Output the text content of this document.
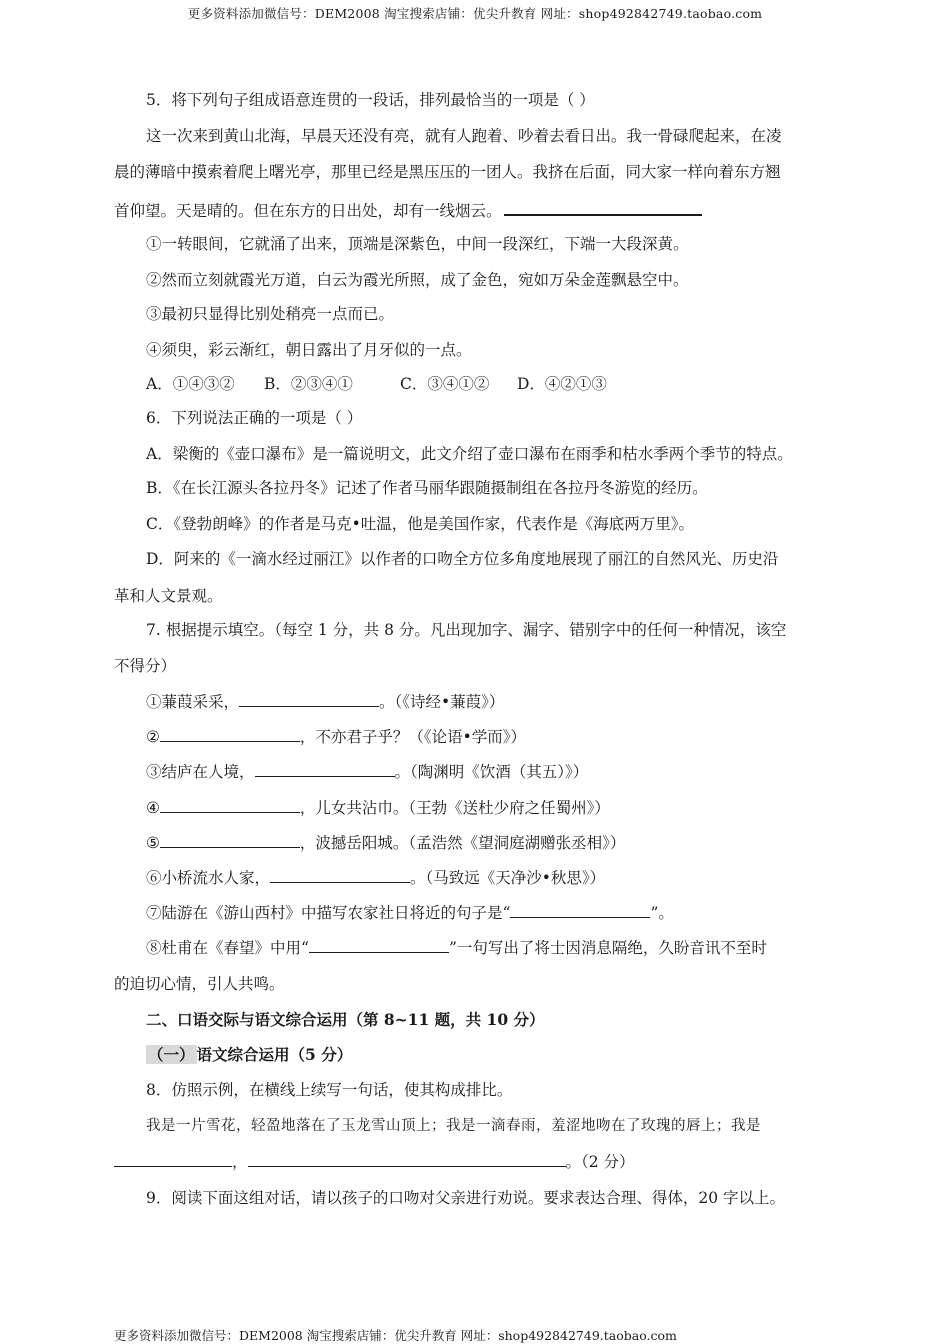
更多资料添加微信号：DEM2008 淘宝搜索店铺：优尖升教育 网址：shop492842749.taobao.com
5．将下列句子组成语意连贯的一段话，排列最恰当的一项是（ ）
这一次来到黄山北海，早晨天还没有亮，就有人跑着、吵着去看日出。我一骨碌爬起来，在凌
晨的薄暗中摸索着爬上曙光亭，那里已经是黑压压的一团人。我挤在后面，同大家一样向着东方翘
首仰望。天是晴的。但在东方的日出处，却有一线烟云。
①一转眼间，它就涌了出来，顶端是深紫色，中间一段深红，下端一大段深黄。
②然而立刻就霞光万道，白云为霞光所照，成了金色，宛如万朵金莲飘悬空中。
③最初只显得比别处稍亮一点而已。
④须臾，彩云渐红，朝日露出了月牙似的一点。
A．①④③② B．②③④①	C．③④①② D．④②①③
6．下列说法正确的一项是（ ）
A．梁衡的《壶口瀑布》是一篇说明文，此文介绍了壶口瀑布在雨季和枯水季两个季节的特点。
B．《在长江源头各拉丹冬》记述了作者马丽华跟随摄制组在各拉丹冬游览的经历。
C．《登勃朗峰》的作者是马克•吐温，他是美国作家，代表作是《海底两万里》。
D．阿来的《一滴水经过丽江》以作者的口吻全方位多角度地展现了丽江的自然风光、历史沿
革和人文景观。
7. 根据提示填空。（每空 1 分，共 8 分。凡出现加字、漏字、错别字中的任何一种情况，该空
不得分）
①蒹葭采采，	。（《诗经•蒹葭》）
②	，不亦君子乎？（《论语•学而》）
③结庐在人境，	。（陶渊明《饮酒（其五）》）
④	，儿女共沾巾。（王勃《送杜少府之任蜀州》）
⑤	，波撼岳阳城。（孟浩然《望洞庭湖赠张丞相》）
⑥小桥流水人家，	。（马致远《天净沙•秋思》）
⑦陆游在《游山西村》中描写农家社日将近的句子是“	”。
⑧杜甫在《春望》中用“	”一句写出了将士因消息隔绝，久盼音讯不至时
的迫切心情，引人共鸣。
二、口语交际与语文综合运用（第 8~11 题，共 10 分）
（一） 语文综合运用（5 分）
8．仿照示例，在横线上续写一句话，使其构成排比。
我是一片雪花，轻盈地落在了玉龙雪山顶上；我是一滴春雨，羞涩地吻在了玫瑰的唇上；我是
，	。（2 分）
9．阅读下面这组对话，请以孩子的口吻对父亲进行劝说。要求表达合理、得体，20 字以上。
更多资料添加微信号：DEM2008 淘宝搜索店铺：优尖升教育 网址：shop492842749.taobao.com
